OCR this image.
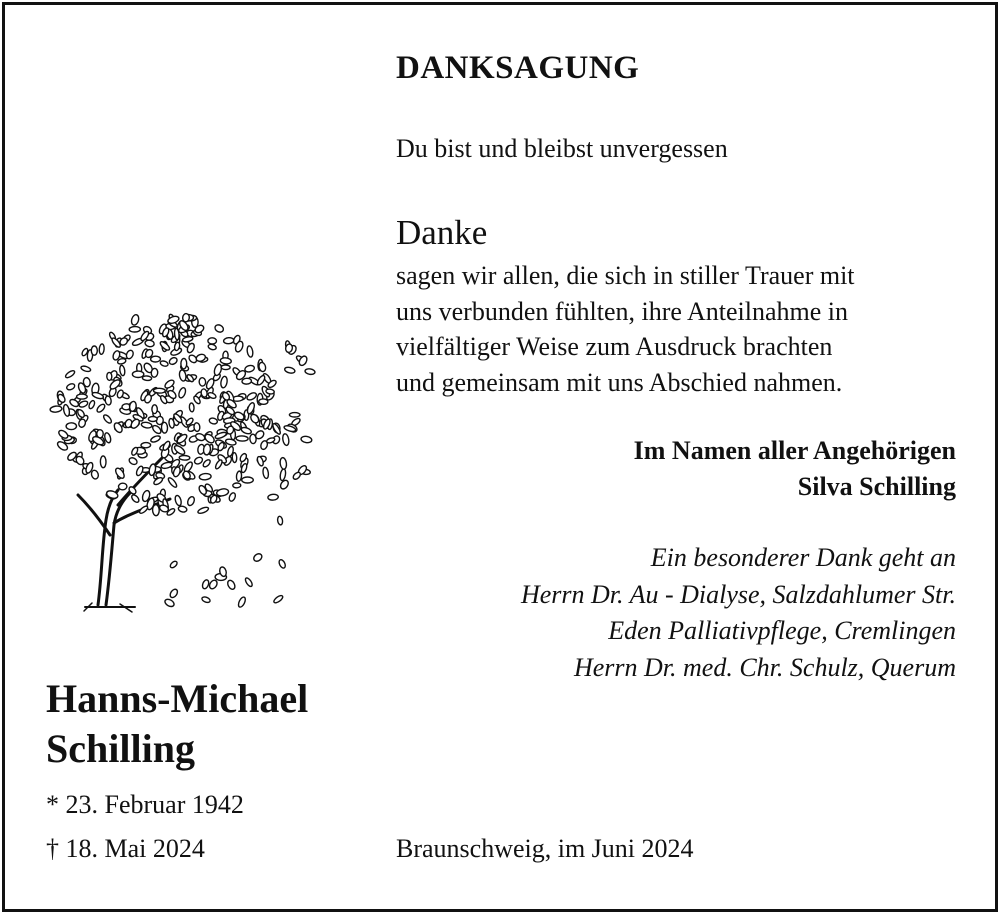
DANKSAGUNG

Du bist und bleibst unvergessen

Danke

sagen wir allen, die sich in stiller Trauer mit
uns verbunden fühlten, ihre Anteilnahme in
vielfältiger Weise zum Ausdruck brachten
und gemeinsam mit uns Abschied nahmen.
Im Namen aller Angehörigen
Silva Schilling
Ein besonderer Dank geht an
Herrn Dr. Au - Dialyse, Salzdahlumer Str.
Eden Palliativpflege, Cremlingen
Herrn Dr. med. Chr. Schulz, Querum
Hanns-Michael
Schilling

* 23. Februar 1942

† 18. Mai 2024	Braunschweig, im Juni 2024
